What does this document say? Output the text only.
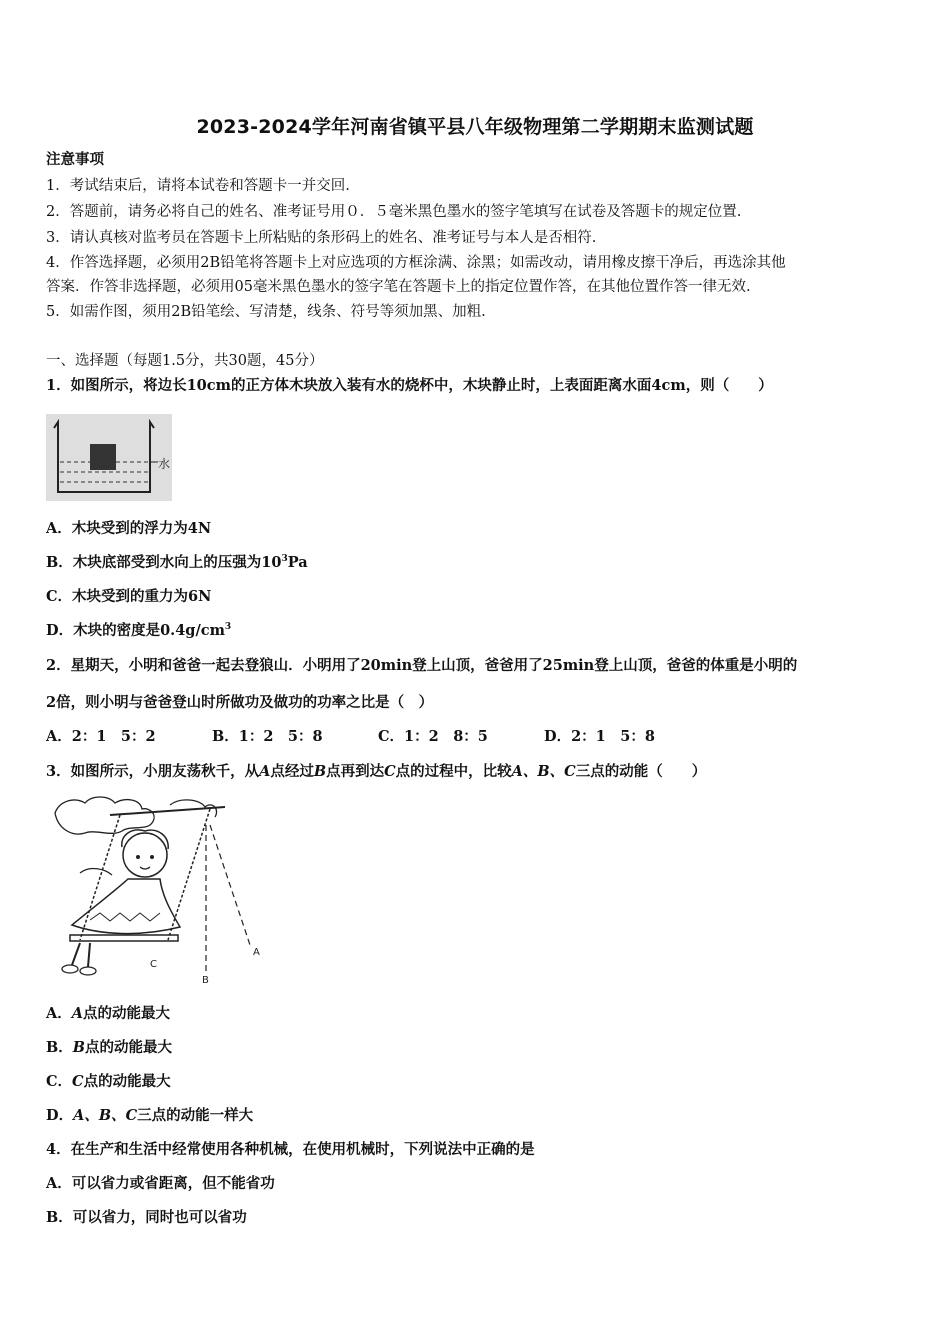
2023-2024学年河南省镇平县八年级物理第二学期期末监测试题
注意事项
1．考试结束后，请将本试卷和答题卡一并交回.
2．答题前，请务必将自己的姓名、准考证号用０．５毫米黑色墨水的签字笔填写在试卷及答题卡的规定位置.
3．请认真核对监考员在答题卡上所粘贴的条形码上的姓名、准考证号与本人是否相符.
4．作答选择题，必须用2B铅笔将答题卡上对应选项的方框涂满、涂黑；如需改动，请用橡皮擦干净后，再选涂其他
答案．作答非选择题，必须用05毫米黑色墨水的签字笔在答题卡上的指定位置作答，在其他位置作答一律无效.
5．如需作图，须用2B铅笔绘、写清楚，线条、符号等须加黑、加粗.
一、选择题（每题1.5分，共30题，45分）
1．如图所示，将边长10cm的正方体木块放入装有水的烧杯中，木块静止时，上表面距离水面4cm，则（　　）
水
A．木块受到的浮力为4N
B．木块底部受到水向上的压强为$10^3Pa$
C．木块受到的重力为6N
D．木块的密度是$0.4g/cm^3$
2．星期天，小明和爸爸一起去登狼山．小明用了20min登上山顶，爸爸用了25min登上山顶，爸爸的体重是小明的
2倍，则小明与爸爸登山时所做功及做功的功率之比是（　）
A．2：1　5：2	B．1：2　5：8	C．1：2　8：5	D．2：1　5：8
3．如图所示，小朋友荡秋千，从A点经过B点再到达C点的过程中，比较A、B、C三点的动能（　　）
A
B
C
A．A点的动能最大
B．B点的动能最大
C．C点的动能最大
D．A、B、C三点的动能一样大
4．在生产和生活中经常使用各种机械，在使用机械时，下列说法中正确的是
A．可以省力或省距离，但不能省功
B．可以省力，同时也可以省功
